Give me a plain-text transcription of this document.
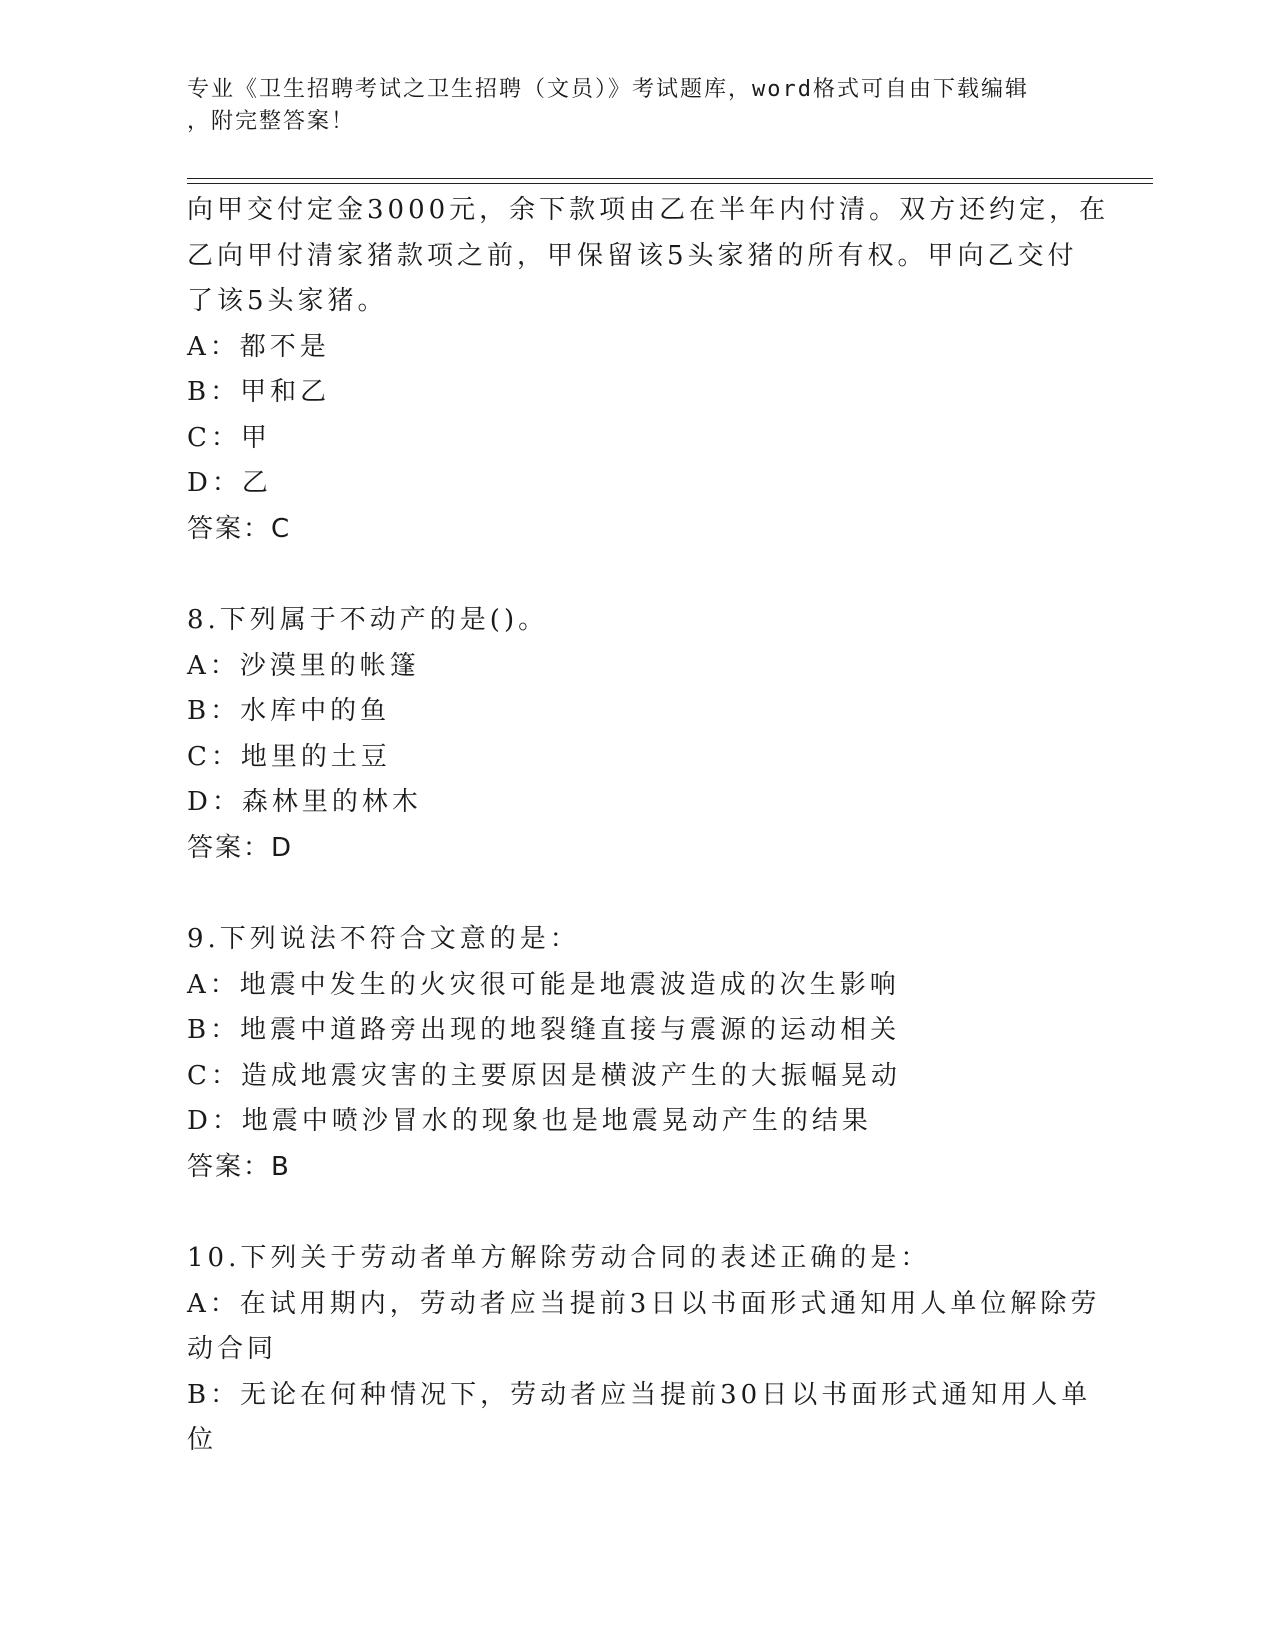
专业《卫生招聘考试之卫生招聘（文员）》考试题库，word格式可自由下载编辑
，附完整答案！
向甲交付定金3000元，余下款项由乙在半年内付清。双方还约定，在
乙向甲付清家猪款项之前，甲保留该5头家猪的所有权。甲向乙交付
了该5头家猪。
A：都不是
B：甲和乙
C：甲
D：乙
答案：C
8.下列属于不动产的是()。
A：沙漠里的帐篷
B：水库中的鱼
C：地里的土豆
D：森林里的林木
答案：D
9.下列说法不符合文意的是：
A：地震中发生的火灾很可能是地震波造成的次生影响
B：地震中道路旁出现的地裂缝直接与震源的运动相关
C：造成地震灾害的主要原因是横波产生的大振幅晃动
D：地震中喷沙冒水的现象也是地震晃动产生的结果
答案：B
10.下列关于劳动者单方解除劳动合同的表述正确的是：
A：在试用期内，劳动者应当提前3日以书面形式通知用人单位解除劳
动合同
B：无论在何种情况下，劳动者应当提前30日以书面形式通知用人单
位
